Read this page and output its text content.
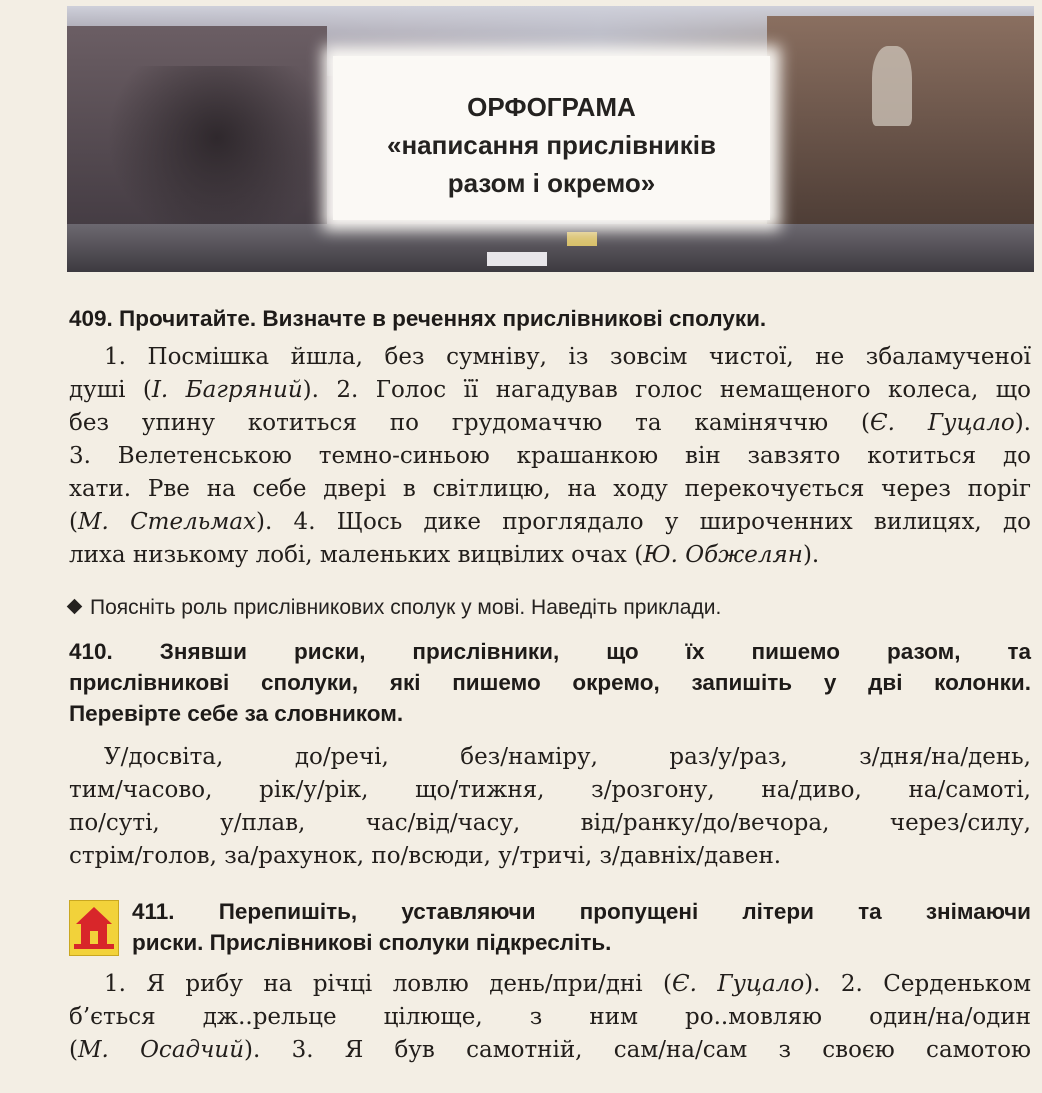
ОРФОГРАМА
«написання прислівників
разом і окремо»
409. Прочитайте. Визначте в реченнях прислівникові сполуки.
1. Посмішка йшла, без сумніву, із зовсім чистої, не збаламученої
душі (І. Багряний). 2. Голос її нагадував голос немащеного колеса, що
без упину котиться по грудомаччю та каміняччю (Є. Гуцало).
3. Велетенською темно-синьою крашанкою він завзято котиться до
хати. Рве на себе двері в світлицю, на ходу перекочується через поріг
(М. Стельмах). 4. Щось дике проглядало у широченних вилицях, до
лиха низькому лобі, маленьких вицвілих очах (Ю. Обжелян).
Поясніть роль прислівникових сполук у мові. Наведіть приклади.
410. Знявши риски, прислівники, що їх пишемо разом, та
прислівникові сполуки, які пишемо окремо, запишіть у дві колонки.
Перевірте себе за словником.
У/досвіта, до/речі, без/наміру, раз/у/раз, з/дня/на/день,
тим/часово, рік/у/рік, що/тижня, з/розгону, на/диво, на/самоті,
по/суті, у/плав, час/від/часу, від/ранку/до/вечора, через/силу,
стрім/голов, за/рахунок, по/всюди, у/тричі, з/давніх/давен.
411. Перепишіть, уставляючи пропущені літери та знімаючи
риски. Прислівникові сполуки підкресліть.
1. Я рибу на річці ловлю день/при/дні (Є. Гуцало). 2. Серденьком
б’ється дж..рельце цілюще, з ним ро..мовляю один/на/один
(М. Осадчий). 3. Я був самотній, сам/на/сам з своєю самотою
